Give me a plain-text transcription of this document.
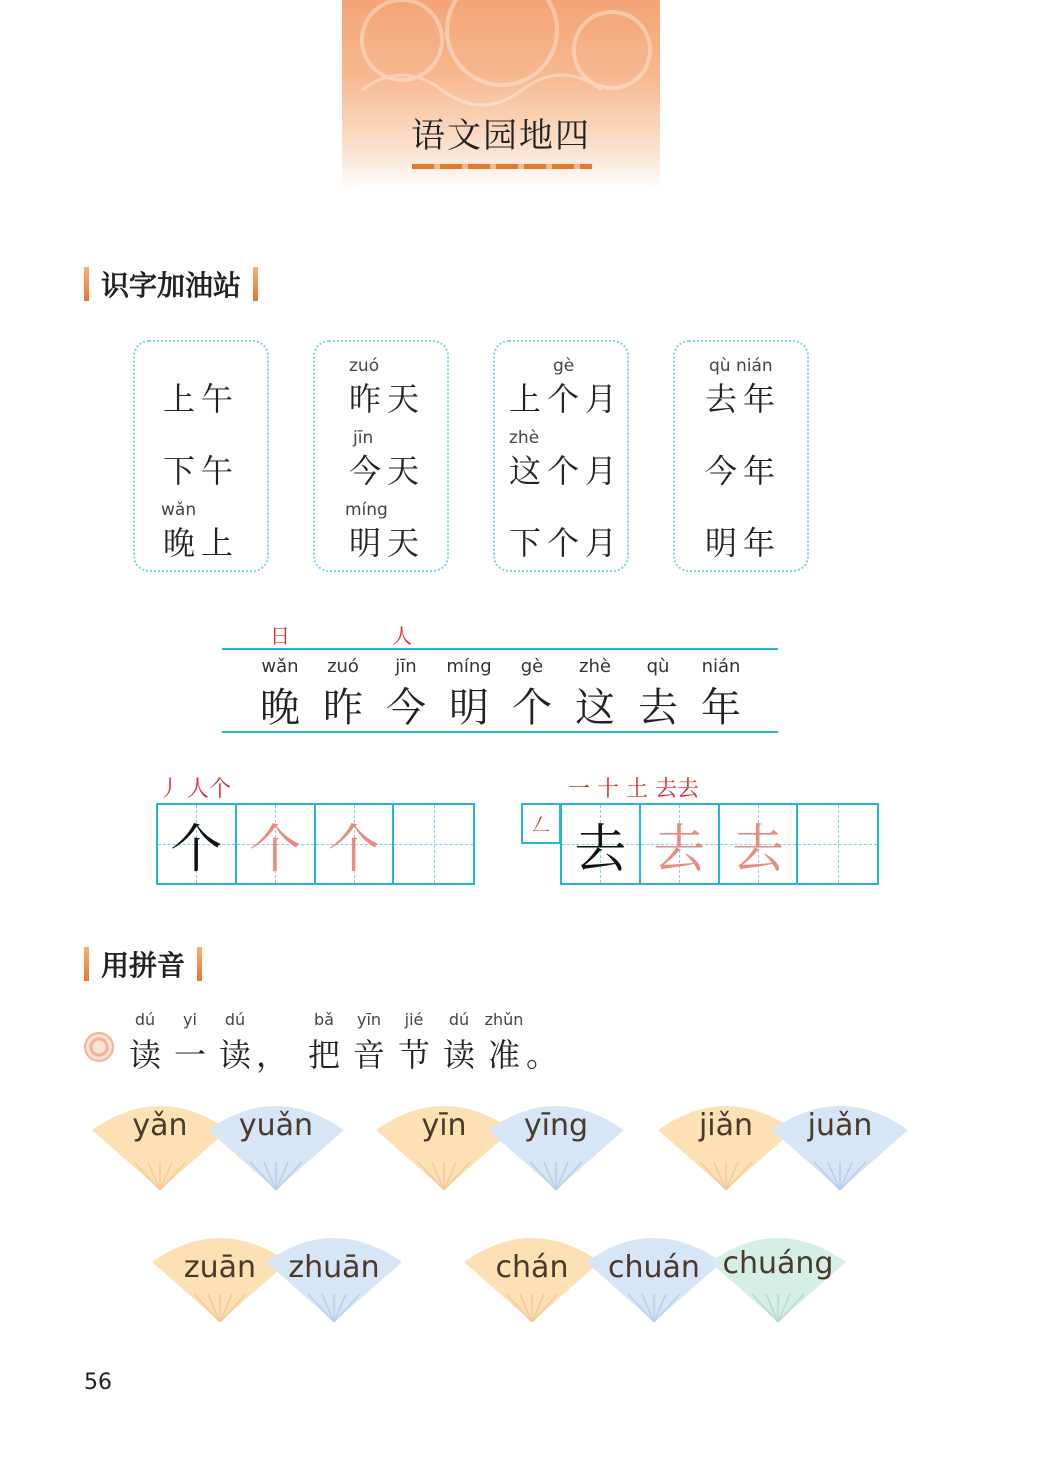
语文园地四
识字加油站
上午
下午
wǎn
晚上
zuó
昨天
jīn
今天
míng
明天
gè
上个月
zhè
这个月
下个月
qù nián
去年
今年
明年
日	人
wǎn
晚
zuó
昨
jīn
今
míng
明
gè
个
zhè
这
qù
去
nián
年
丿 人个
个 个 个
一 十 土 去去
𠃋 去 去 去
用拼音
dú
读
yi
一
dú
读 ，
bǎ
把
yīn
音
jié
节
dú
读
zhǔn
准 。
yǎn	yuǎn	yīn	yīng	jiǎn	juǎn
zuān	zhuān	chán	chuán chuáng
56
